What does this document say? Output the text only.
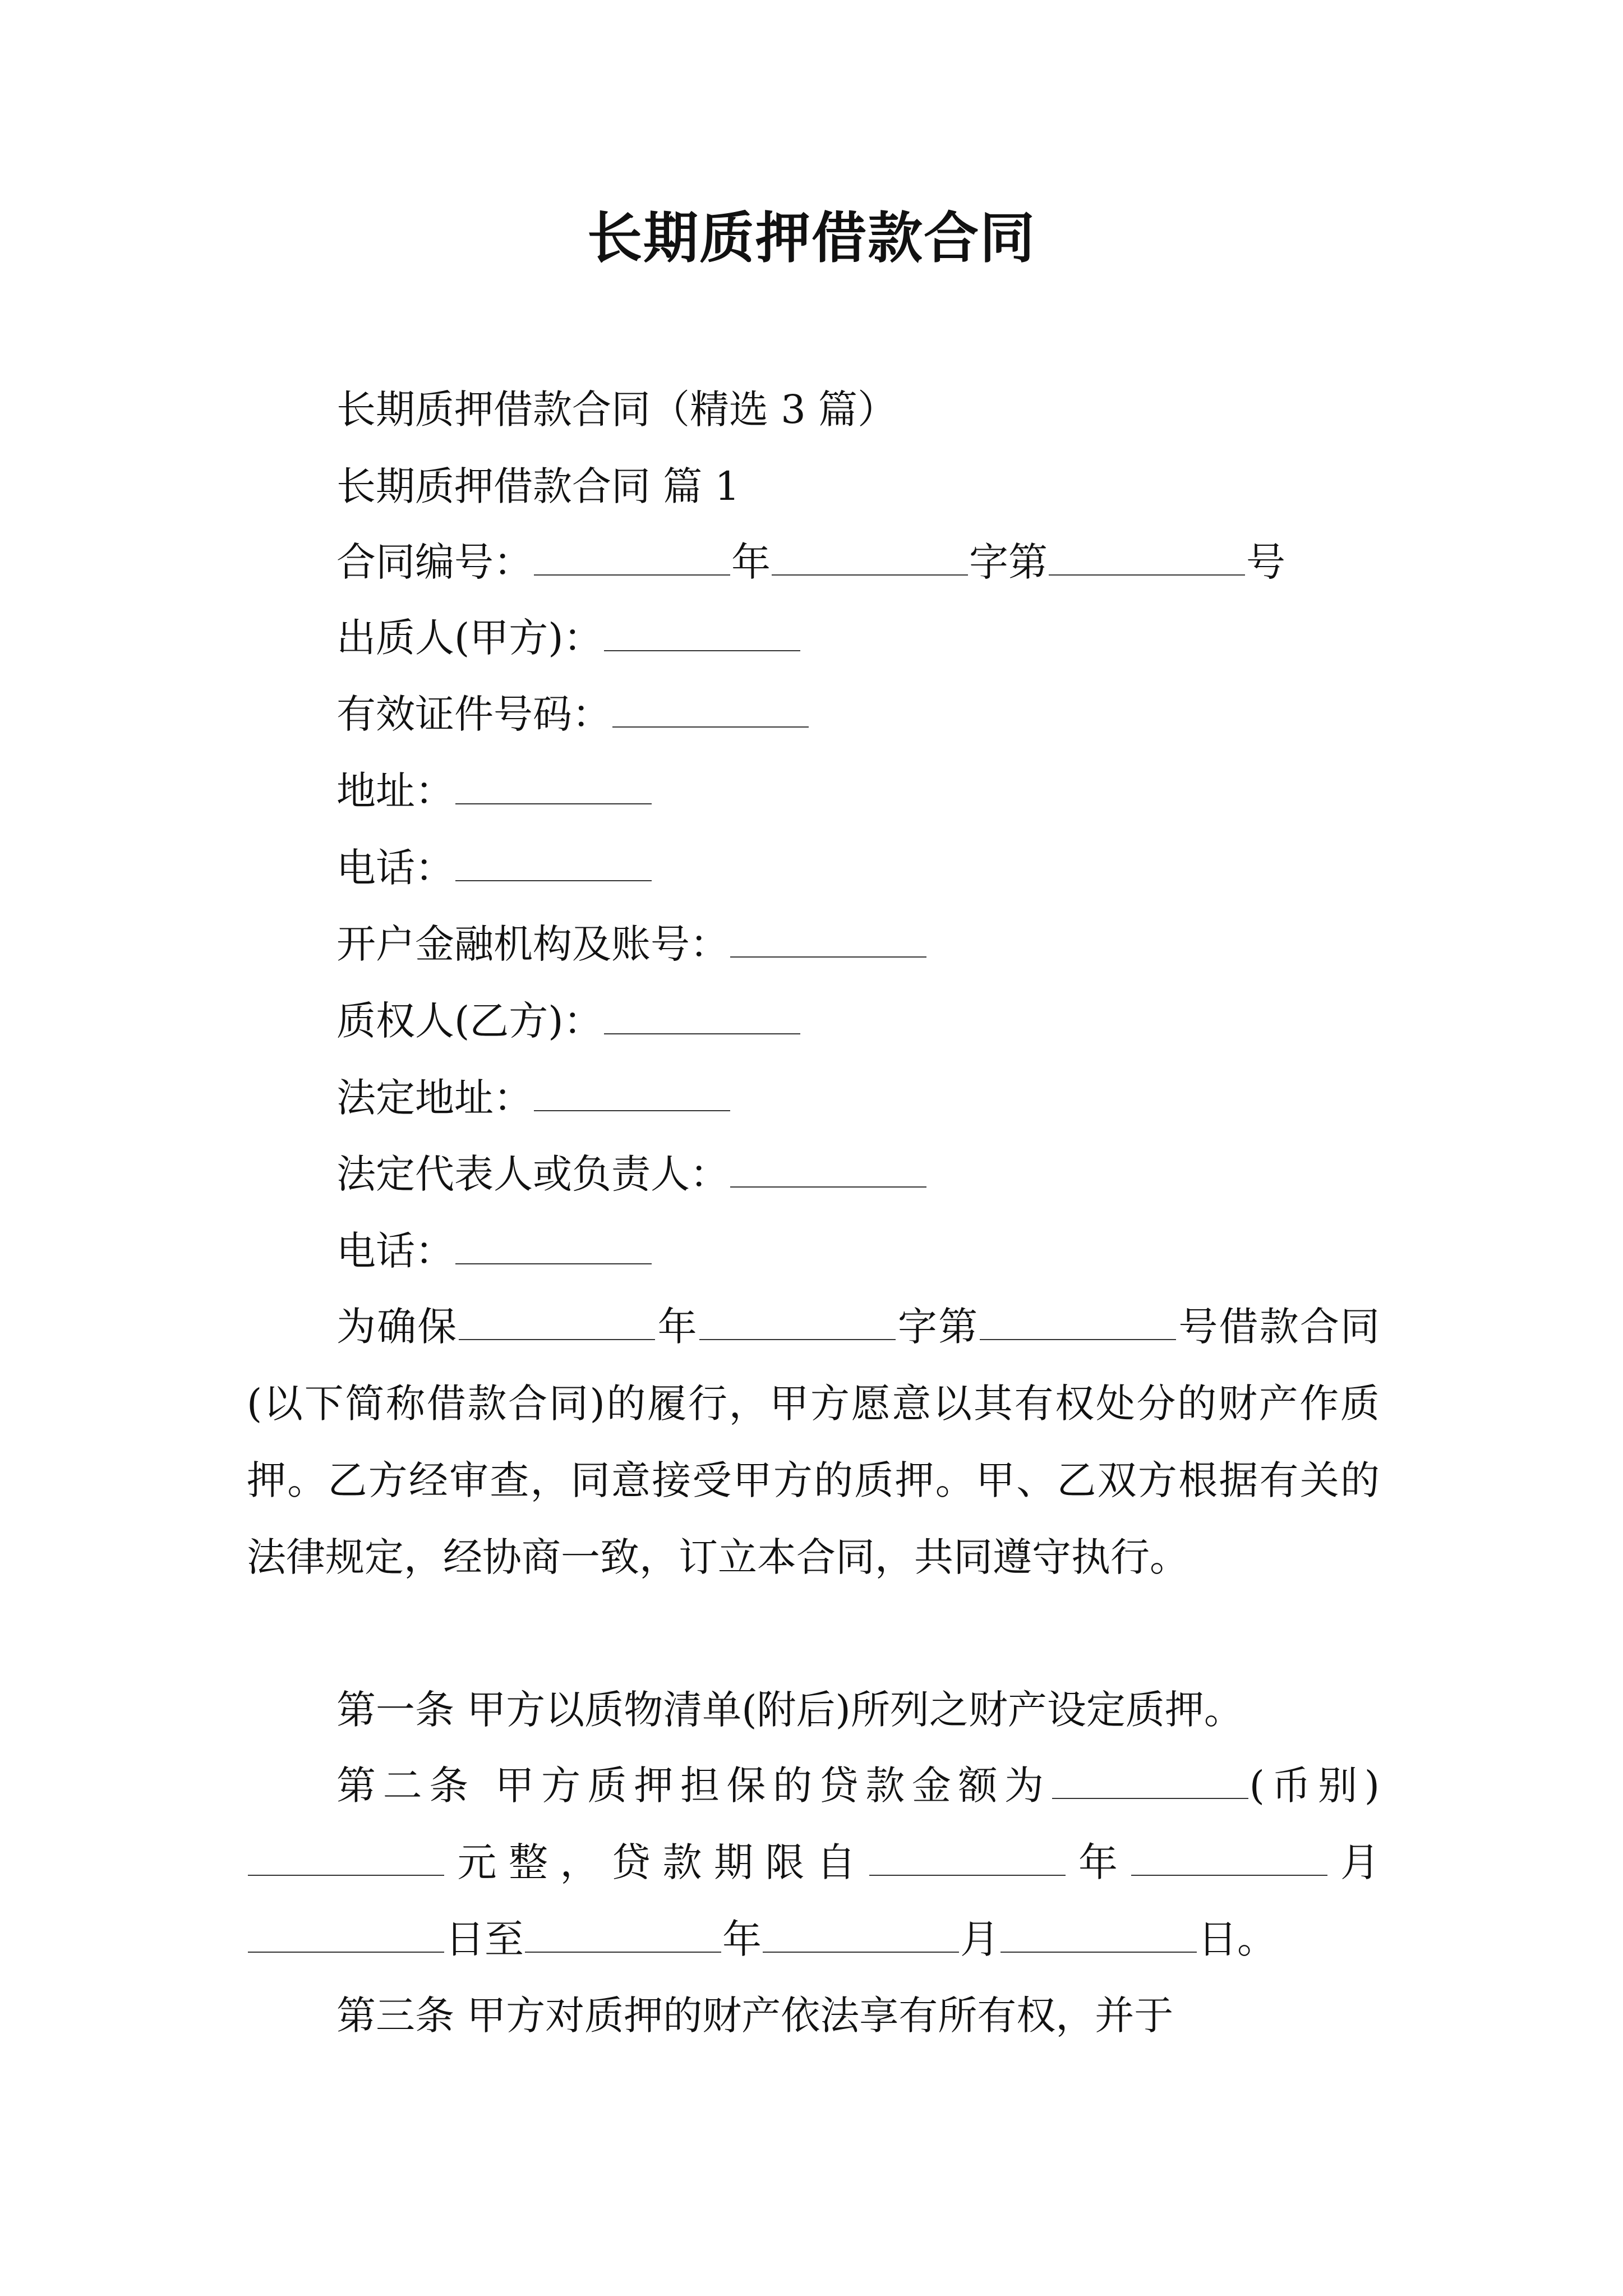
长期质押借款合同
长期质押借款合同（精选 3 篇）
长期质押借款合同 篇 1
合同编号：	年	字第	号
出质人(甲方)：
有效证件号码：
地址：
电话：
开户金融机构及账号：
质权人(乙方)：
法定地址：
法定代表人或负责人：
电话：
为确保	年	字第	号借款合同(以下简称借款合同)的履行，甲方愿意以其有权处分的财产作质押。乙方经审查，同意接受甲方的质押。甲、乙双方根据有关的法律规定，经协商一致，订立本合同，共同遵守执行。
第一条 甲方以质物清单(附后)所列之财产设定质押。
第二条 甲方质押担保的贷款金额为	(币别)元整，贷款期限自	年	月日至	年	月	日。
第三条 甲方对质押的财产依法享有所有权，并于
